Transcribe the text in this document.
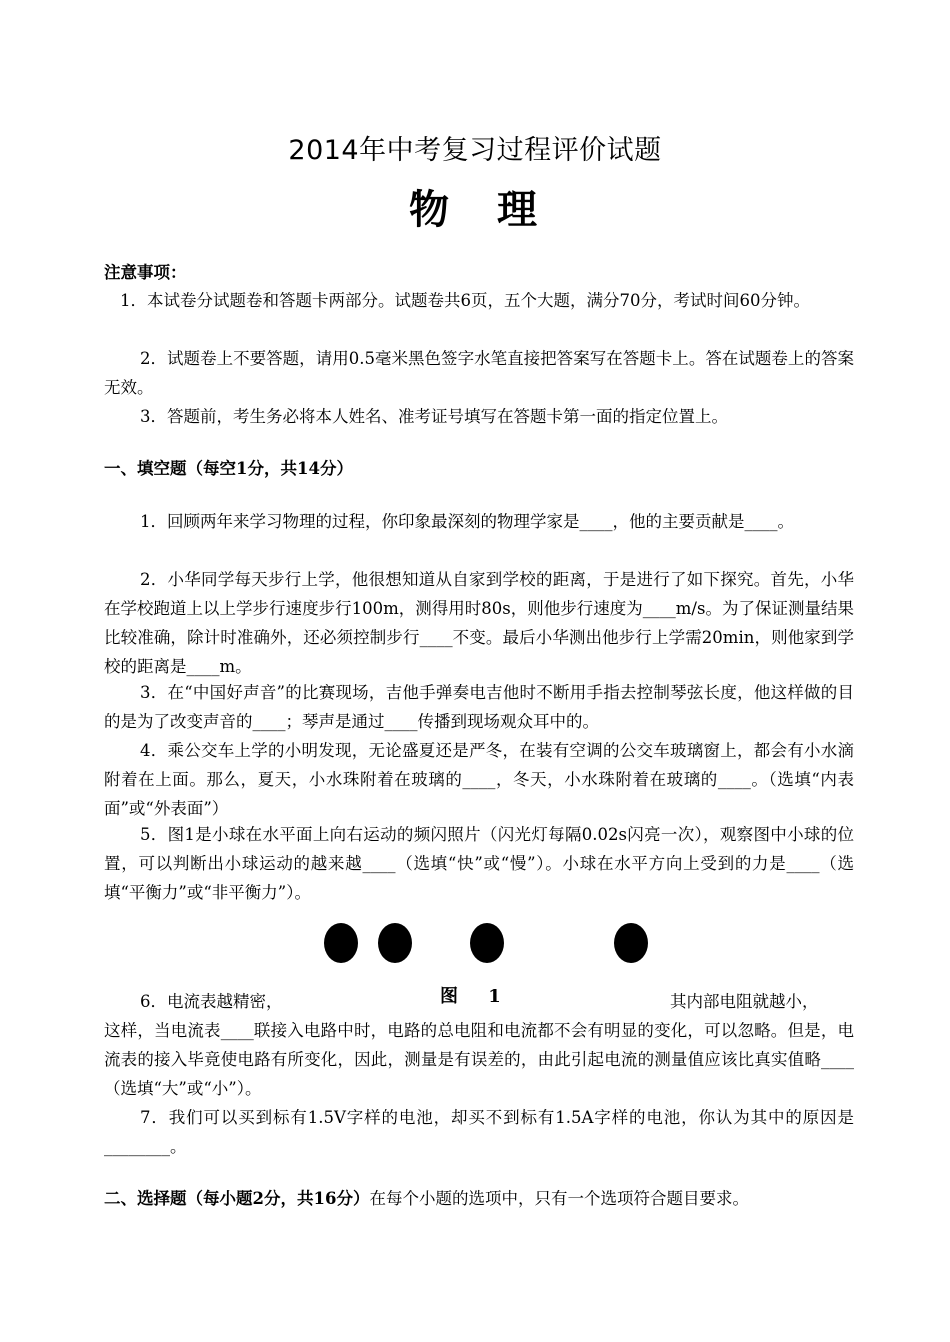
2014年中考复习过程评价试题
物　理
注意事项：
1．本试卷分试题卷和答题卡两部分。试题卷共6页，五个大题，满分70分，考试时间60分钟。
2．试题卷上不要答题，请用0.5毫米黑色签字水笔直接把答案写在答题卡上。答在试题卷上的答案无效。
3．答题前，考生务必将本人姓名、准考证号填写在答题卡第一面的指定位置上。
一、填空题（每空1分，共14分）
1．回顾两年来学习物理的过程，你印象最深刻的物理学家是____，他的主要贡献是____。
2．小华同学每天步行上学，他很想知道从自家到学校的距离，于是进行了如下探究。首先，小华在学校跑道上以上学步行速度步行100m，测得用时80s，则他步行速度为____m/s。为了保证测量结果比较准确，除计时准确外，还必须控制步行____不变。最后小华测出他步行上学需20min，则他家到学校的距离是____m。
3．在“中国好声音”的比赛现场，吉他手弹奏电吉他时不断用手指去控制琴弦长度，他这样做的目的是为了改变声音的____；琴声是通过____传播到现场观众耳中的。
4．乘公交车上学的小明发现，无论盛夏还是严冬，在装有空调的公交车玻璃窗上，都会有小水滴附着在上面。那么，夏天，小水珠附着在玻璃的____，冬天，小水珠附着在玻璃的____。（选填“内表面”或“外表面”）
5．图1是小球在水平面上向右运动的频闪照片（闪光灯每隔0.02s闪亮一次），观察图中小球的位置，可以判断出小球运动的越来越____（选填“快”或“慢”）。小球在水平方向上受到的力是____（选填“平衡力”或“非平衡力”）。
6．电流表越精密，	图　 1	其内部电阻就越小，
这样，当电流表____联接入电路中时，电路的总电阻和电流都不会有明显的变化，可以忽略。但是，电流表的接入毕竟使电路有所变化，因此，测量是有误差的，由此引起电流的测量值应该比真实值略____（选填“大”或“小”）。
7．我们可以买到标有1.5V字样的电池，却买不到标有1.5A字样的电池，你认为其中的原因是________。
二、选择题（每小题2分，共16分）在每个小题的选项中，只有一个选项符合题目要求。
